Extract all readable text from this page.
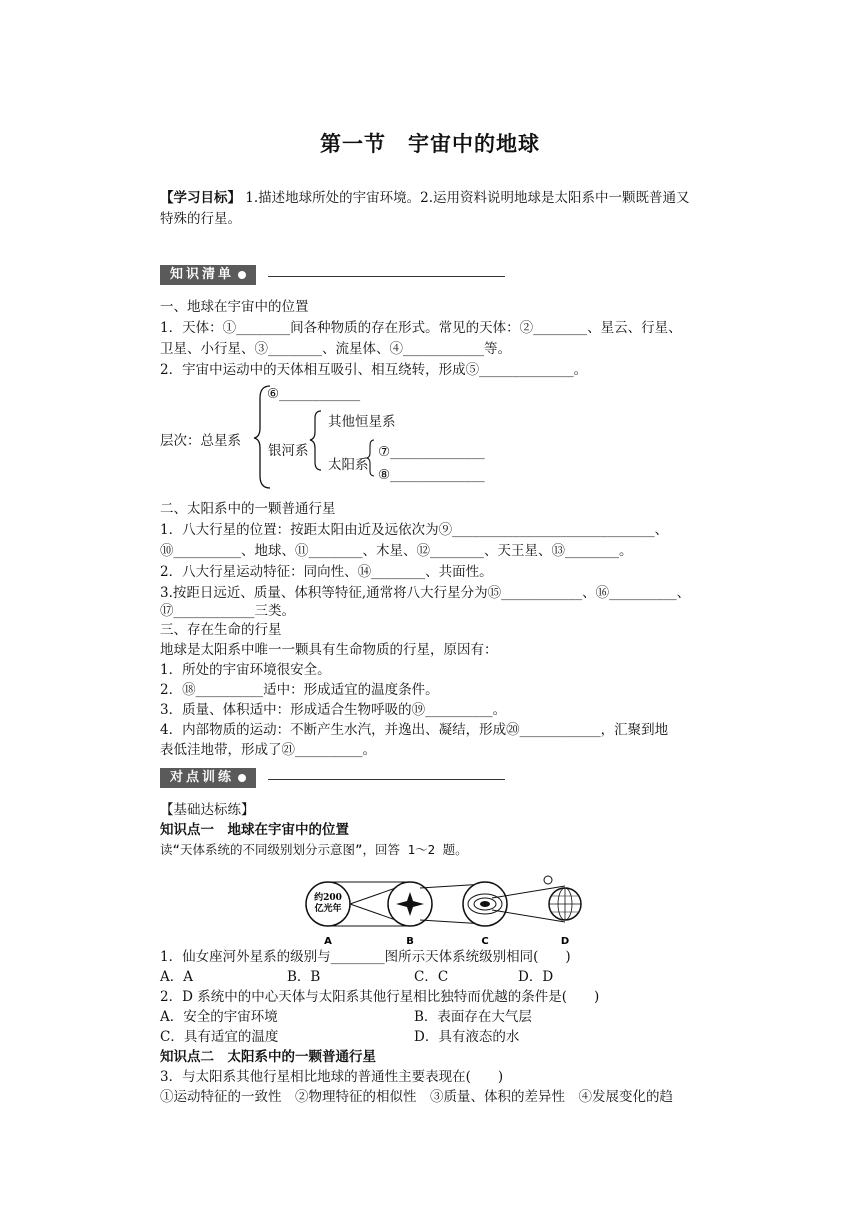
第一节　宇宙中的地球
【学习目标】 1.描述地球所处的宇宙环境。2.运用资料说明地球是太阳系中一颗既普通又
特殊的行星。
知识清单
一、地球在宇宙中的位置
1．天体：①________间各种物质的存在形式。常见的天体：②________、星云、行星、
卫星、小行星、③________、流星体、④____________等。
2．宇宙中运动中的天体相互吸引、相互绕转，形成⑤______________。
⑥____________
层次：总星系
银河系
其他恒星系
太阳系
⑦______________
⑧______________
二、太阳系中的一颗普通行星
1．八大行星的位置：按距太阳由近及远依次为⑨______________________________、
⑩__________、地球、⑪________、木星、⑫________、天王星、⑬________。
2．八大行星运动特征：同向性、⑭________、共面性。
3.按距日远近、质量、体积等特征,通常将八大行星分为⑮____________、⑯__________、
⑰____________三类。
三、存在生命的行星
地球是太阳系中唯一一颗具有生命物质的行星，原因有：
1．所处的宇宙环境很安全。
2．⑱__________适中：形成适宜的温度条件。
3．质量、体积适中：形成适合生物呼吸的⑲__________。
4．内部物质的运动：不断产生水汽，并逸出、凝结，形成⑳____________，汇聚到地
表低洼地带，形成了㉑__________。
对点训练
【基础达标练】
知识点一　地球在宇宙中的位置
读“天体系统的不同级别划分示意图”，回答 1～2 题。
约200
亿光年
A	B	C	D
1．仙女座河外星系的级别与________图所示天体系统级别相同(　　)
A．A	B．B	C．C	D．D
2．D 系统中的中心天体与太阳系其他行星相比独特而优越的条件是(　　)
A．安全的宇宙环境	B．表面存在大气层
C．具有适宜的温度	D．具有液态的水
知识点二　太阳系中的一颗普通行星
3．与太阳系其他行星相比地球的普通性主要表现在(　　)
①运动特征的一致性　②物理特征的相似性　③质量、体积的差异性　④发展变化的趋
